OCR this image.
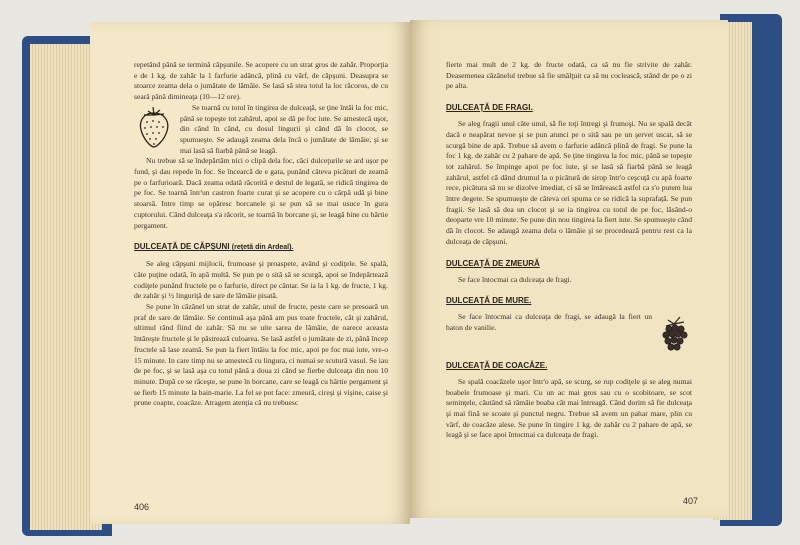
repetând până se termină căpşunile. Se acopere cu un strat gros de zahăr. Proporţia e de 1 kg. de zahăr la 1 farfurie adâncă, plină cu vârf, de căpşuni. Deasupra se stoarce zeama dela o jumătate de lămâie. Se lasă să stea totul la loc răcoros, de cu seară până dimineaţa (10—12 ore).

Se toarnă cu totul în tingirea de dulceaţă, se ţine întâi la foc mic, până se topeşte tot zahărul, apoi se dă pe foc iute. Se amestecă uşor, din când în când, cu dosul lingurii şi când dă în clocot, se spumueşte. Se adaugă zeama dela încă o jumătate de lămâie, şi se mai lasă să fiarbă până se leagă.

Nu trebue să se îndepărtăm nici o clipă dela foc, căci dulceţurile se ard uşor pe fund, şi dau repede în foc. Se încearcă de e gata, punând câteva picături de zeamă pe o farfurioară. Dacă zeama odată răcorită e destul de legată, se ridică tingirea de pe foc. Se toarnă într'un castron foarte curat şi se acopere cu o cârpă udă şi bine stoarsă. Intre timp se opăresc borcanele şi se pun să se mai usuce în gura cuptorului. Când dulceaţa s'a răcorit, se toarnă în borcane şi, se leagă bine cu hârtie pergament.

DULCEAŢĂ DE CĂPŞUNI (reţetă din Ardeal).

Se aleg căpşuni mijlocii, frumoase şi proaspete, având şi codiţele. Se spală, câte puţine odată, în apă multă. Se pun pe o sită să se scurgă, apoi se îndepărtează codiţele punând fructele pe o farfurie, direct pe cântar. Se ia la 1 kg. de fructe, 1 kg. de zahăr şi ½ linguriţă de sare de lămâie pisată.

Se pune în căzănel un strat de zahăr, unul de fructe, peste care se presoară un praf de sare de lămâie. Se continuă aşa până am pus toate fructele, cât şi zahărul, ultimul rând fiind de zahăr. Să nu se uite sarea de lămâie, de oarece aceasta întăreşte fructele şi le păstrează culoarea. Se lasă astfel o jumătate de zi, până încep fructele să lase zeamă. Se pun la fiert întâiu la foc mic, apoi pe foc mai iute, vre-o 15 minute. In care timp nu se amestecă cu lingura, ci numai se scutură vasul. Se iau de pe foc, şi se lasă aşa cu totul până a doua zi când se fierbe dulceaţa din nou 10 minute. După ce se răceşte, se pune în borcane, care se leagă cu hârtie pergament şi se fierb 15 minute la bain-marie. La fel se pot face: zmeură, cireşi şi vişine, caise şi prune coapte, coacăze. Atragem atenţia că nu trebuesc

406

fierte mai mult de 2 kg. de fructe odată, ca să nu fie strivite de zahăr. Deasemenea căzănelul trebue să fie smălţuit ca să nu coclească, stând de pe o zi pe alta.

DULCEAŢĂ DE FRAGI.

Se aleg fragii unul câte unul, să fie toţi întregi şi frumoşi. Nu se spală decât dacă e neapărat nevoe şi se pun atunci pe o sită sau pe un şervet uscat, să se scurgă bine de apă. Trebue să avem o farfurie adâncă plină de fragi. Se pune la foc 1 kg. de zahăr cu 2 pahare de apă. Se ţine tingirea la foc mic, până se topeşte tot zahărul. Se împinge apoi pe foc iute, şi se lasă să fiarbă până se leagă zahărul, astfel că dând drumul la o picătură de sirop într'o ceşcuţă cu apă foarte rece, picătura să nu se dizolve imediat, ci să se întărească astfel ca s'o putem lua între degete. Se spumueşte de câteva ori spuma ce se ridică la suprafaţă. Se pun fragii. Se lasă să dea un clocot şi se ia tingirea cu totul de pe foc, lăsând-o deoparte vre 10 minute. Se pune din nou tingirea la fiert iute. Se spumueşte când dă în clocot. Se adaugă zeama dela o lămâie şi se procedează pentru rest ca la dulceaţa de căpşuni.

DULCEAŢĂ DE ZMEURĂ

Se face întocmai ca dulceaţa de fragi.

DULCEAŢĂ DE MURE.

Se face întocmai ca dulceaţa de fragi, se adaugă la fiert un baton de vanilie.

DULCEAŢĂ DE COACĂZE.

Se spală coacăzele uşor într'o apă, se scurg, se rup codiţele şi se aleg numai boabele frumoase şi mari. Cu un ac mai gros sau cu o scobitoare, se scot seminţele, căutând să rămâie boaba cât mai întreagă. Când dorim să fie dulceaţa şi mai fină se scoate şi punctul negru. Trebue să avem un pahar mare, plin cu vârf, de coacăze alese. Se pune în tingire 1 kg. de zahăr cu 2 pahare de apă, se leagă şi se face apoi întocmai ca dulceaţa de fragi.

407
